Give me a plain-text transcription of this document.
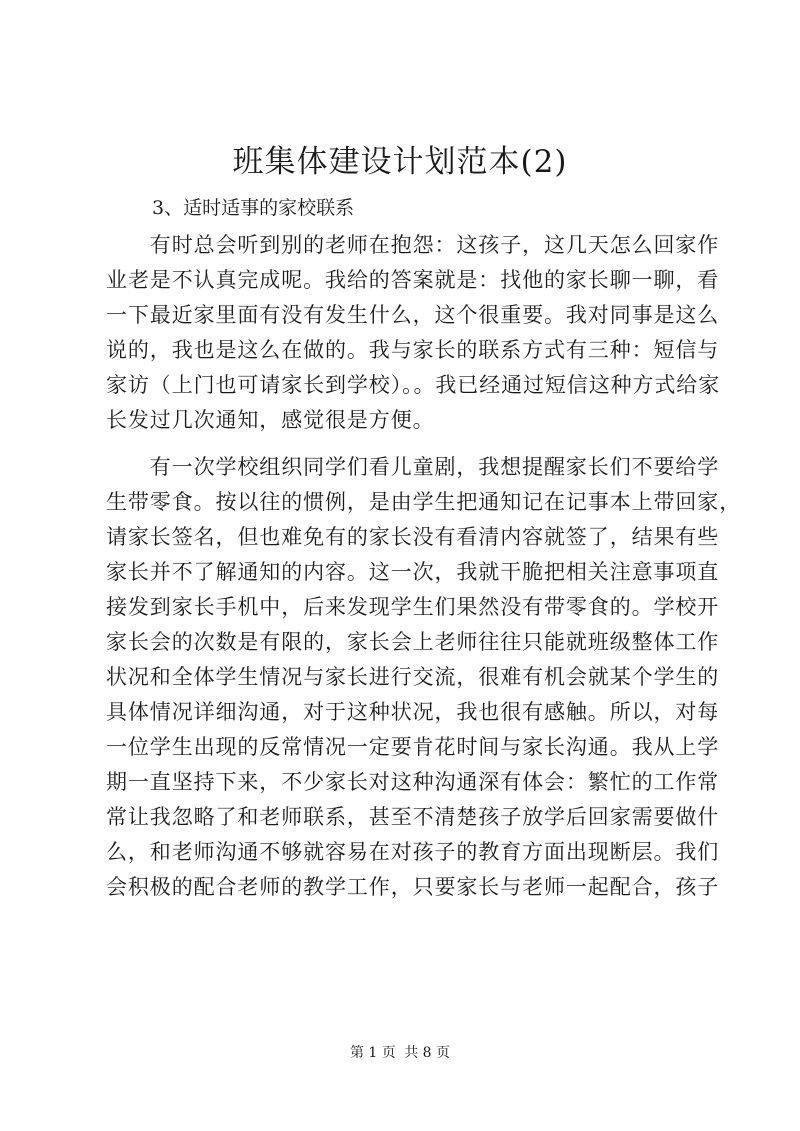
班集体建设计划范本(2)

3、适时适事的家校联系

　　有时总会听到别的老师在抱怨：这孩子，这几天怎么回家作
业老是不认真完成呢。我给的答案就是：找他的家长聊一聊，看
一下最近家里面有没有发生什么，这个很重要。我对同事是这么
说的，我也是这么在做的。我与家长的联系方式有三种：短信与
家访（上门也可请家长到学校）。。我已经通过短信这种方式给家
长发过几次通知，感觉很是方便。

　　有一次学校组织同学们看儿童剧，我想提醒家长们不要给学
生带零食。按以往的惯例，是由学生把通知记在记事本上带回家，
请家长签名，但也难免有的家长没有看清内容就签了，结果有些
家长并不了解通知的内容。这一次，我就干脆把相关注意事项直
接发到家长手机中，后来发现学生们果然没有带零食的。学校开
家长会的次数是有限的，家长会上老师往往只能就班级整体工作
状况和全体学生情况与家长进行交流，很难有机会就某个学生的
具体情况详细沟通，对于这种状况，我也很有感触。所以，对每
一位学生出现的反常情况一定要肯花时间与家长沟通。我从上学
期一直坚持下来，不少家长对这种沟通深有体会：繁忙的工作常
常让我忽略了和老师联系，甚至不清楚孩子放学后回家需要做什
么，和老师沟通不够就容易在对孩子的教育方面出现断层。我们
会积极的配合老师的教学工作，只要家长与老师一起配合，孩子

第 1 页 共 8 页
